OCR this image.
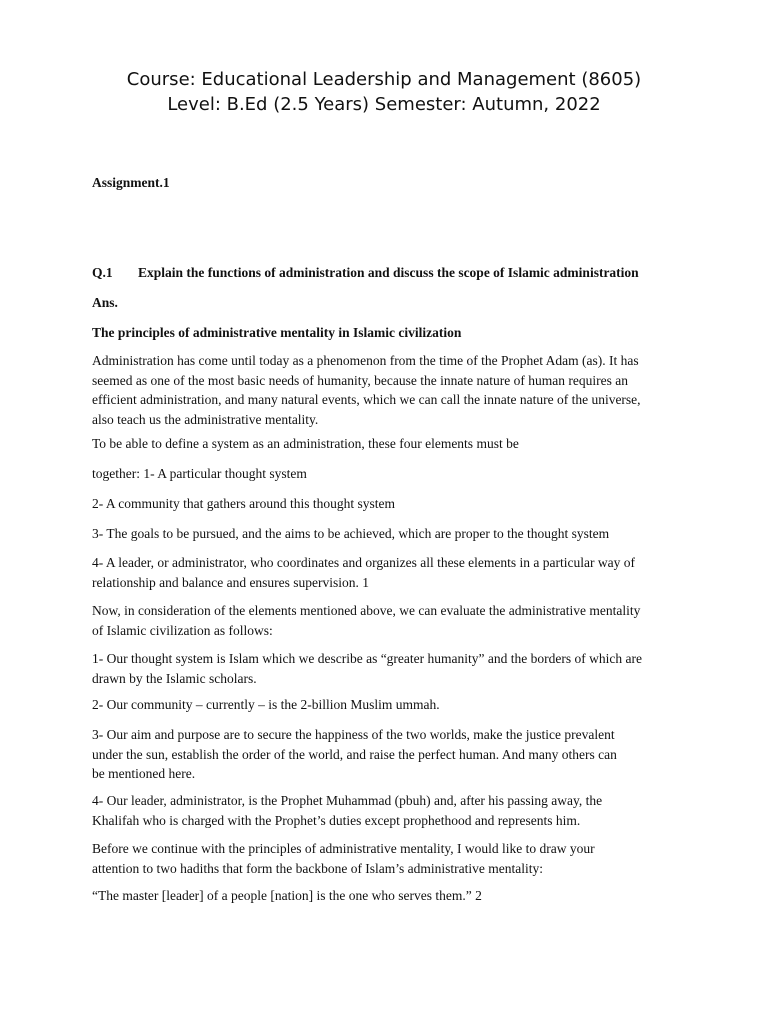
Course: Educational Leadership and Management (8605)
Level: B.Ed (2.5 Years) Semester: Autumn, 2022
Assignment.1
Q.1 Explain the functions of administration and discuss the scope of Islamic administration
Ans.
The principles of administrative mentality in Islamic civilization
Administration has come until today as a phenomenon from the time of the Prophet Adam (as). It has
seemed as one of the most basic needs of humanity, because the innate nature of human requires an
efficient administration, and many natural events, which we can call the innate nature of the universe,
also teach us the administrative mentality.
To be able to define a system as an administration, these four elements must be
together: 1- A particular thought system
2- A community that gathers around this thought system
3- The goals to be pursued, and the aims to be achieved, which are proper to the thought system
4- A leader, or administrator, who coordinates and organizes all these elements in a particular way of
relationship and balance and ensures supervision. 1
Now, in consideration of the elements mentioned above, we can evaluate the administrative mentality
of Islamic civilization as follows:
1- Our thought system is Islam which we describe as “greater humanity” and the borders of which are
drawn by the Islamic scholars.
2- Our community – currently – is the 2-billion Muslim ummah.
3- Our aim and purpose are to secure the happiness of the two worlds, make the justice prevalent
under the sun, establish the order of the world, and raise the perfect human. And many others can
be mentioned here.
4- Our leader, administrator, is the Prophet Muhammad (pbuh) and, after his passing away, the
Khalifah who is charged with the Prophet’s duties except prophethood and represents him.
Before we continue with the principles of administrative mentality, I would like to draw your
attention to two hadiths that form the backbone of Islam’s administrative mentality:
“The master [leader] of a people [nation] is the one who serves them.” 2
